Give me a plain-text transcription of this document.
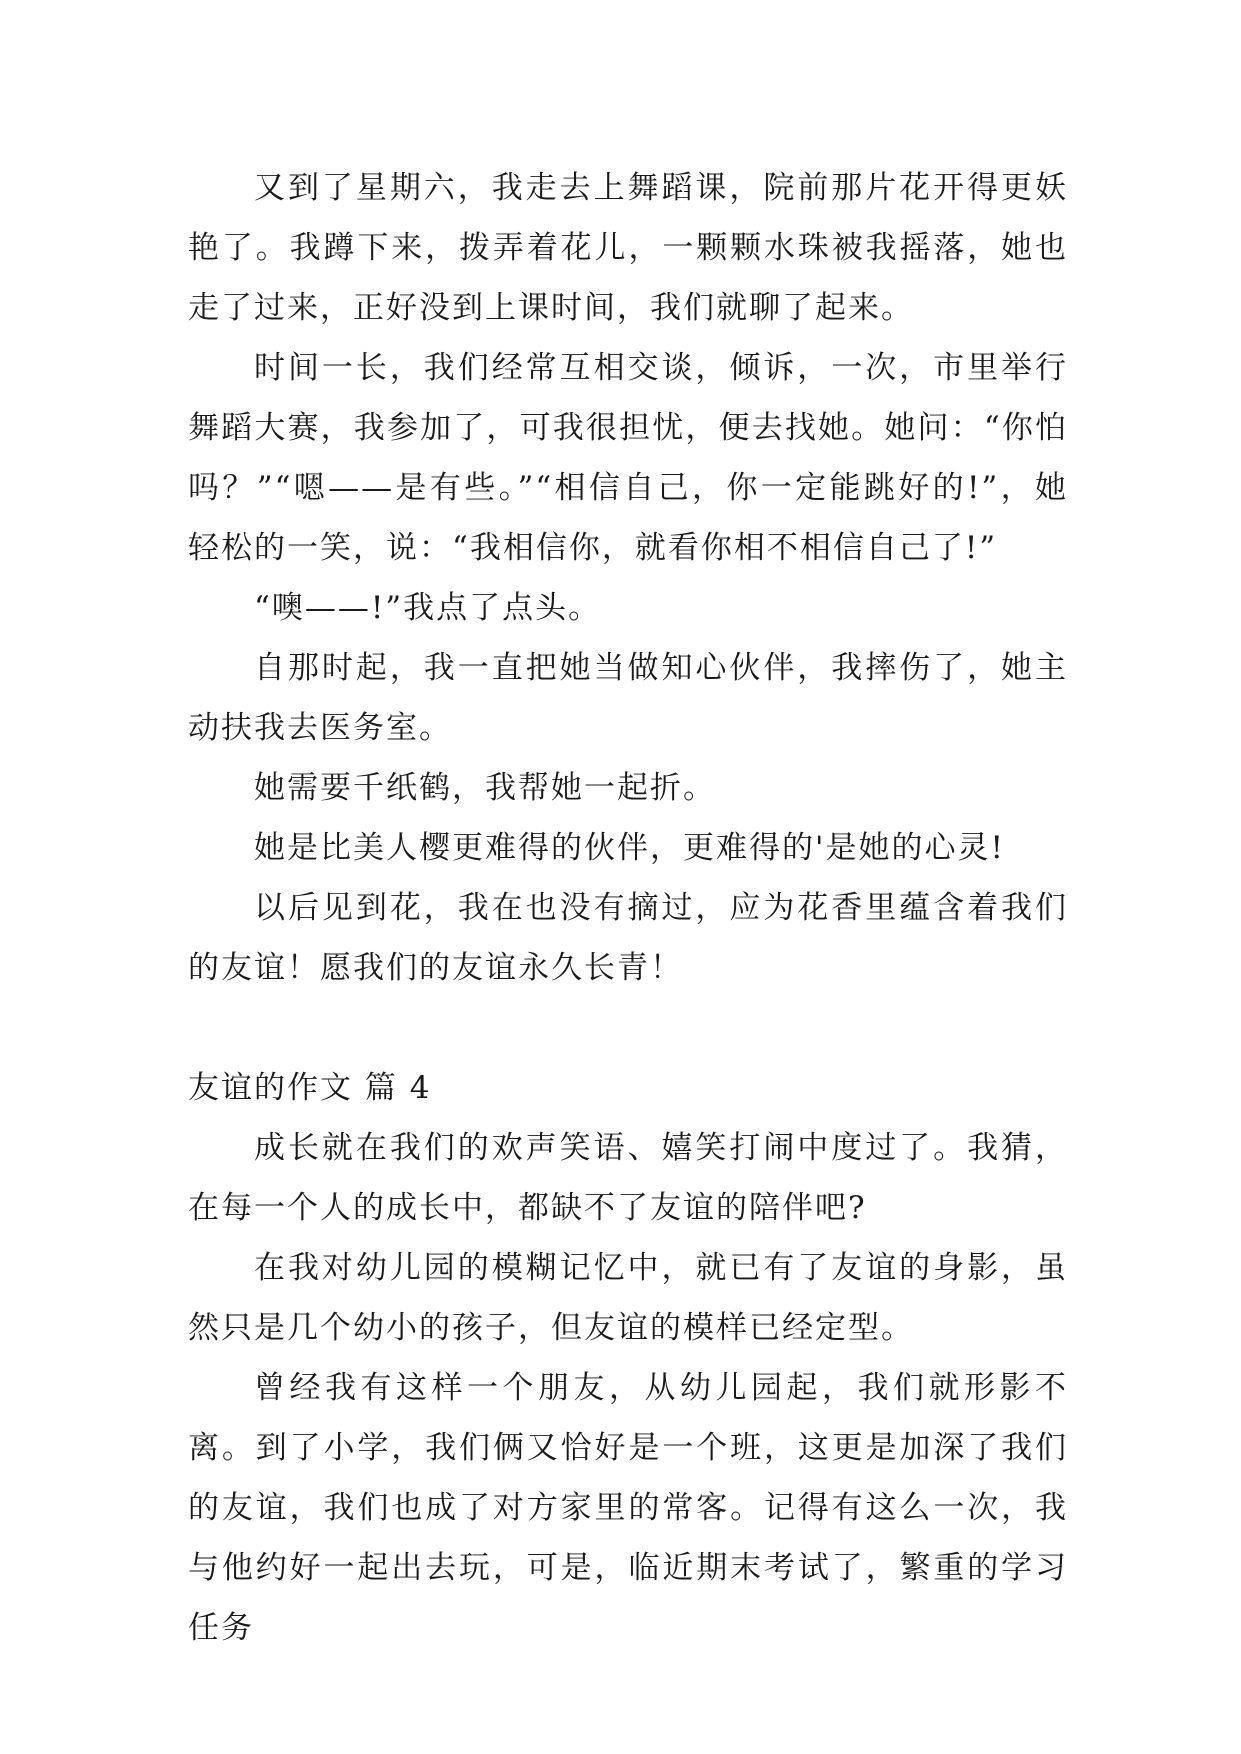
又到了星期六，我走去上舞蹈课，院前那片花开得更妖艳了。我蹲下来，拨弄着花儿，一颗颗水珠被我摇落，她也走了过来，正好没到上课时间，我们就聊了起来。

时间一长，我们经常互相交谈，倾诉，一次，市里举行舞蹈大赛，我参加了，可我很担忧，便去找她。她问：“你怕吗？”“嗯——是有些。”“相信自己，你一定能跳好的!”，她轻松的一笑，说：“我相信你，就看你相不相信自己了!”

“噢——!”我点了点头。

自那时起，我一直把她当做知心伙伴，我摔伤了，她主动扶我去医务室。

她需要千纸鹤，我帮她一起折。

她是比美人樱更难得的伙伴，更难得的'是她的心灵!

以后见到花，我在也没有摘过，应为花香里蕴含着我们的友谊！愿我们的友谊永久长青！

友谊的作文 篇 4

成长就在我们的欢声笑语、嬉笑打闹中度过了。我猜，在每一个人的成长中，都缺不了友谊的陪伴吧?

在我对幼儿园的模糊记忆中，就已有了友谊的身影，虽然只是几个幼小的孩子，但友谊的模样已经定型。

曾经我有这样一个朋友，从幼儿园起，我们就形影不离。到了小学，我们俩又恰好是一个班，这更是加深了我们的友谊，我们也成了对方家里的常客。记得有这么一次，我与他约好一起出去玩，可是，临近期末考试了，繁重的学习任务
